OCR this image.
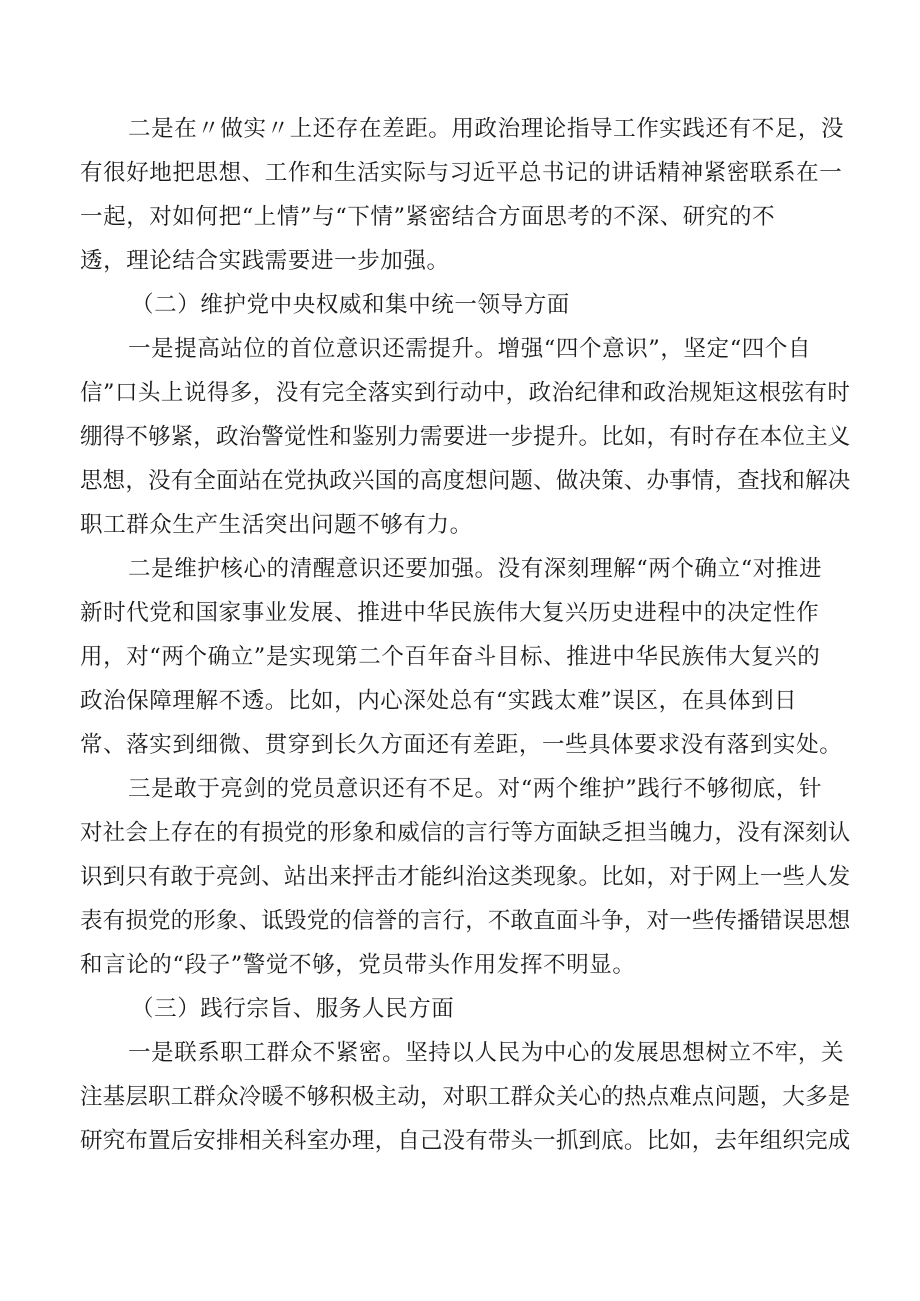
二是在〃做实〃上还存在差距。用政治理论指导工作实践还有不足，没
有很好地把思想、工作和生活实际与习近平总书记的讲话精神紧密联系在一
一起，对如何把“上情”与“下情”紧密结合方面思考的不深、研究的不
透，理论结合实践需要进一步加强。
（二）维护党中央权威和集中统一领导方面
一是提高站位的首位意识还需提升。增强“四个意识”，坚定“四个自
信”口头上说得多，没有完全落实到行动中，政治纪律和政治规矩这根弦有时
绷得不够紧，政治警觉性和鉴别力需要进一步提升。比如，有时存在本位主义
思想，没有全面站在党执政兴国的高度想问题、做决策、办事情，查找和解决
职工群众生产生活突出问题不够有力。
二是维护核心的清醒意识还要加强。没有深刻理解“两个确立“对推进
新时代党和国家事业发展、推进中华民族伟大复兴历史进程中的决定性作
用，对“两个确立”是实现第二个百年奋斗目标、推进中华民族伟大复兴的
政治保障理解不透。比如，内心深处总有“实践太难”误区，在具体到日
常、落实到细微、贯穿到长久方面还有差距，一些具体要求没有落到实处。
三是敢于亮剑的党员意识还有不足。对“两个维护”践行不够彻底，针
对社会上存在的有损党的形象和威信的言行等方面缺乏担当魄力，没有深刻认
识到只有敢于亮剑、站出来抨击才能纠治这类现象。比如，对于网上一些人发
表有损党的形象、诋毁党的信誉的言行，不敢直面斗争，对一些传播错误思想
和言论的“段子”警觉不够，党员带头作用发挥不明显。
（三）践行宗旨、服务人民方面
一是联系职工群众不紧密。坚持以人民为中心的发展思想树立不牢，关
注基层职工群众冷暖不够积极主动，对职工群众关心的热点难点问题，大多是
研究布置后安排相关科室办理，自己没有带头一抓到底。比如，去年组织完成
